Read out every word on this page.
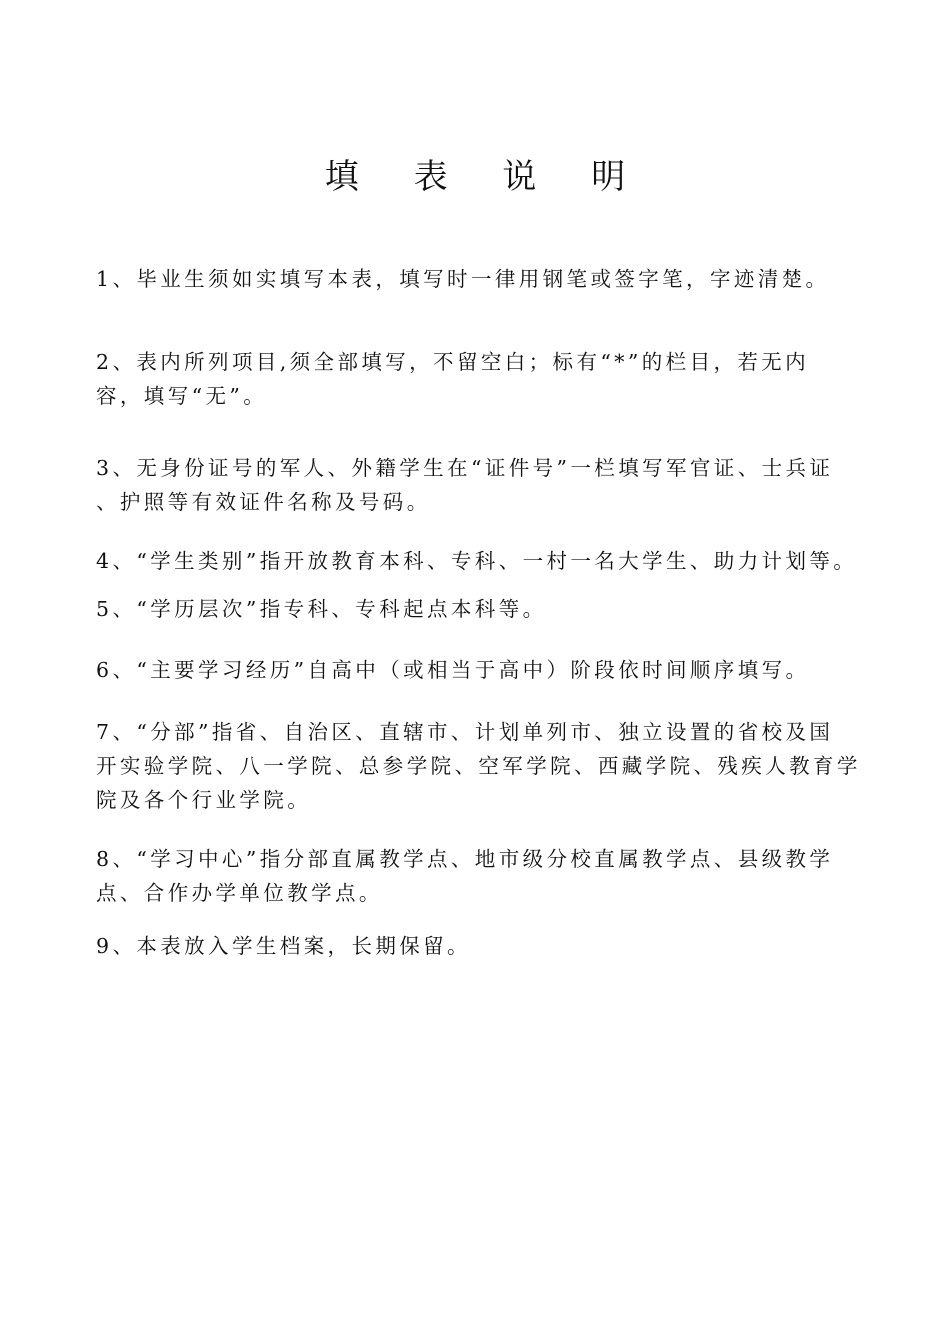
填 表 说 明
1、毕业生须如实填写本表，填写时一律用钢笔或签字笔，字迹清楚。
2、表内所列项目,须全部填写，不留空白；标有“*”的栏目，若无内
容，填写“无”。
3、无身份证号的军人、外籍学生在“证件号”一栏填写军官证、士兵证
、护照等有效证件名称及号码。
4、“学生类别”指开放教育本科、专科、一村一名大学生、助力计划等。
5、“学历层次”指专科、专科起点本科等。
6、“主要学习经历”自高中（或相当于高中）阶段依时间顺序填写。
7、“分部”指省、自治区、直辖市、计划单列市、独立设置的省校及国
开实验学院、八一学院、总参学院、空军学院、西藏学院、残疾人教育学
院及各个行业学院。
8、“学习中心”指分部直属教学点、地市级分校直属教学点、县级教学
点、合作办学单位教学点。
9、本表放入学生档案，长期保留。
